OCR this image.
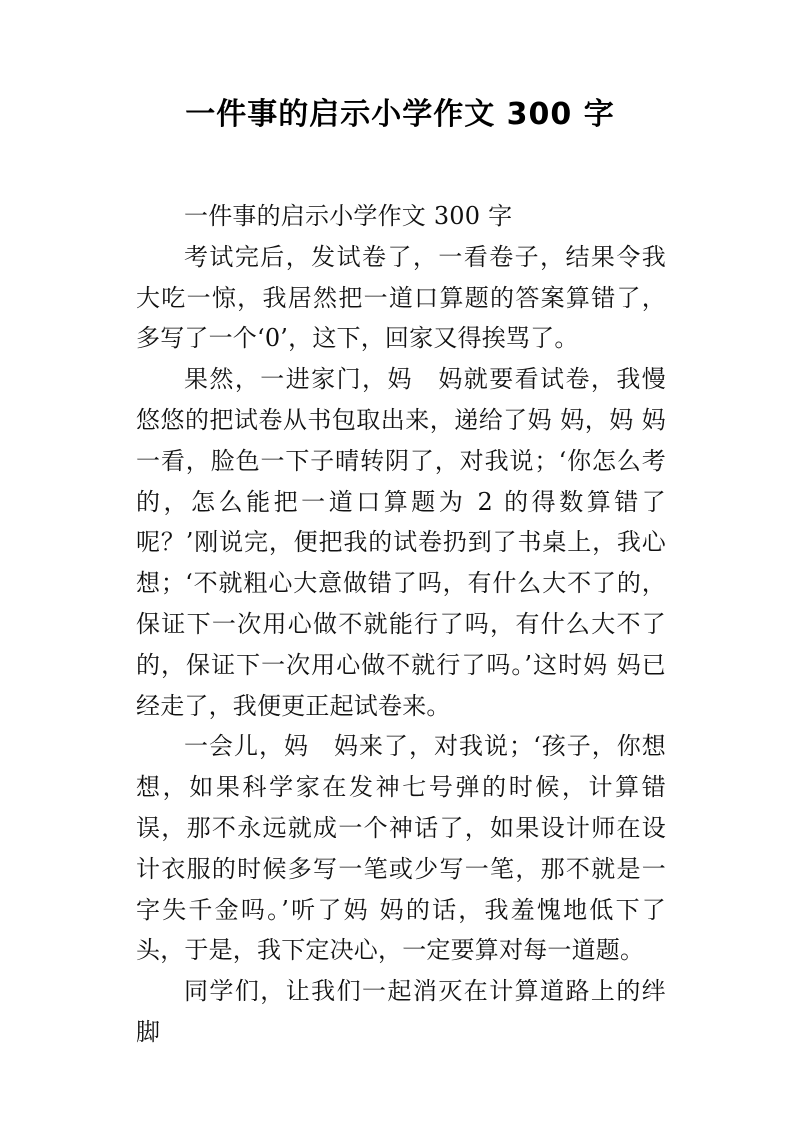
一件事的启示小学作文 300 字

一件事的启示小学作文 300 字

考试完后，发试卷了，一看卷子，结果令我大吃一惊，我居然把一道口算题的答案算错了，多写了一个‘0’，这下，回家又得挨骂了。

果然，一进家门，妈　妈就要看试卷，我慢悠悠的把试卷从书包取出来，递给了妈 妈，妈 妈一看，脸色一下子晴转阴了，对我说；‘你怎么考的，怎么能把一道口算题为 2 的得数算错了呢？’刚说完，便把我的试卷扔到了书桌上，我心想；‘不就粗心大意做错了吗，有什么大不了的，保证下一次用心做不就能行了吗，有什么大不了的，保证下一次用心做不就行了吗。’这时妈 妈已经走了，我便更正起试卷来。

一会儿，妈　妈来了，对我说；‘孩子，你想想，如果科学家在发神七号弹的时候，计算错误，那不永远就成一个神话了，如果设计师在设计衣服的时候多写一笔或少写一笔，那不就是一字失千金吗。’听了妈 妈的话，我羞愧地低下了头，于是，我下定决心，一定要算对每一道题。

同学们，让我们一起消灭在计算道路上的绊脚
